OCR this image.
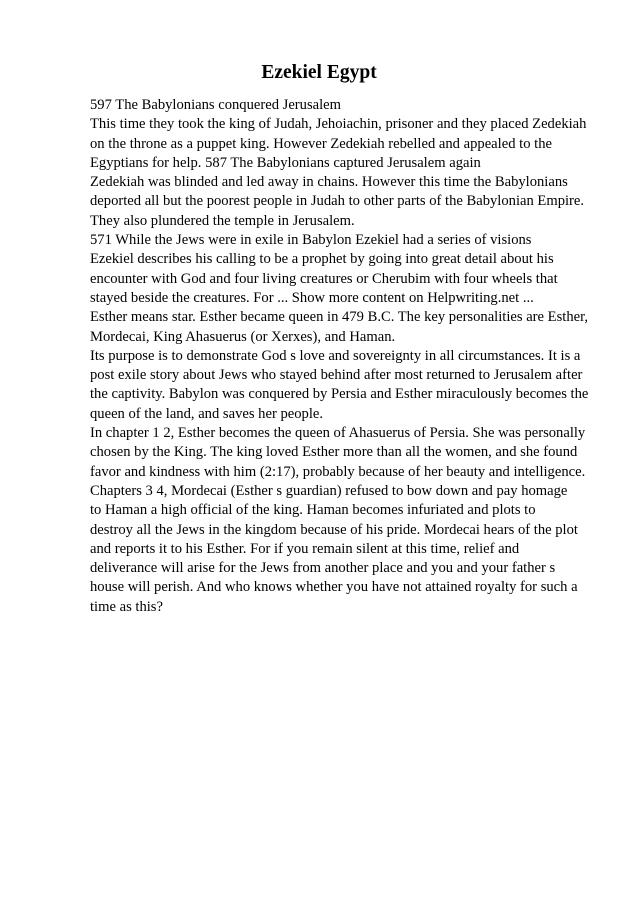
Ezekiel Egypt
597 The Babylonians conquered Jerusalem
This time they took the king of Judah, Jehoiachin, prisoner and they placed Zedekiah
on the throne as a puppet king. However Zedekiah rebelled and appealed to the
Egyptians for help. 587 The Babylonians captured Jerusalem again
Zedekiah was blinded and led away in chains. However this time the Babylonians
deported all but the poorest people in Judah to other parts of the Babylonian Empire.
They also plundered the temple in Jerusalem.
571 While the Jews were in exile in Babylon Ezekiel had a series of visions
Ezekiel describes his calling to be a prophet by going into great detail about his
encounter with God and four living creatures or Cherubim with four wheels that
stayed beside the creatures. For ... Show more content on Helpwriting.net ...
Esther means star. Esther became queen in 479 B.C. The key personalities are Esther,
Mordecai, King Ahasuerus (or Xerxes), and Haman.
Its purpose is to demonstrate God s love and sovereignty in all circumstances. It is a
post exile story about Jews who stayed behind after most returned to Jerusalem after
the captivity. Babylon was conquered by Persia and Esther miraculously becomes the
queen of the land, and saves her people.
In chapter 1 2, Esther becomes the queen of Ahasuerus of Persia. She was personally
chosen by the King. The king loved Esther more than all the women, and she found
favor and kindness with him (2:17), probably because of her beauty and intelligence.
Chapters 3 4, Mordecai (Esther s guardian) refused to bow down and pay homage
to Haman a high official of the king. Haman becomes infuriated and plots to
destroy all the Jews in the kingdom because of his pride. Mordecai hears of the plot
and reports it to his Esther. For if you remain silent at this time, relief and
deliverance will arise for the Jews from another place and you and your father s
house will perish. And who knows whether you have not attained royalty for such a
time as this?
